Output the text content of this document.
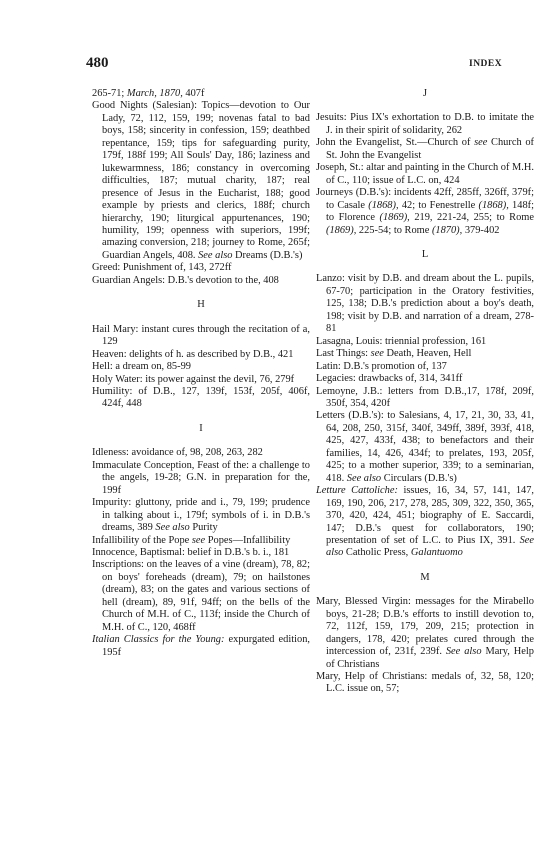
480	INDEX

265-71; March, 1870, 407f

Good Nights (Salesian): Topics—devotion to Our Lady, 72, 112, 159, 199; novenas fatal to bad boys, 158; sincerity in confession, 159; deathbed repentance, 159; tips for safeguarding purity, 179f, 188f 199; All Souls' Day, 186; laziness and lukewarmness, 186; constancy in overcoming difficulties, 187; mutual charity, 187; real presence of Jesus in the Eucharist, 188; good example by priests and clerics, 188f; church hierarchy, 190; liturgical appurtenances, 190; humility, 199; openness with superiors, 199f; amazing conversion, 218; journey to Rome, 265f; Guardian Angels, 408. See also Dreams (D.B.'s)

Greed: Punishment of, 143, 272ff

Guardian Angels: D.B.'s devotion to the, 408

H

Hail Mary: instant cures through the recitation of a, 129

Heaven: delights of h. as described by D.B., 421

Hell: a dream on, 85-99

Holy Water: its power against the devil, 76, 279f

Humility: of D.B., 127, 139f, 153f, 205f, 406f, 424f, 448

I

Idleness: avoidance of, 98, 208, 263, 282

Immaculate Conception, Feast of the: a challenge to the angels, 19-28; G.N. in preparation for the, 199f

Impurity: gluttony, pride and i., 79, 199; prudence in talking about i., 179f; symbols of i. in D.B.'s dreams, 389 See also Purity

Infallibility of the Pope see Popes—Infallibility

Innocence, Baptismal: belief in D.B.'s b. i., 181

Inscriptions: on the leaves of a vine (dream), 78, 82; on boys' foreheads (dream), 79; on hailstones (dream), 83; on the gates and various sections of hell (dream), 89, 91f, 94ff; on the bells of the Church of M.H. of C., 113f; inside the Church of M.H. of C., 120, 468ff

Italian Classics for the Young: expurgated edition, 195f

J

Jesuits: Pius IX's exhortation to D.B. to imitate the J. in their spirit of solidarity, 262

John the Evangelist, St.—Church of see Church of St. John the Evangelist

Joseph, St.: altar and painting in the Church of M.H. of C., 110; issue of L.C. on, 424

Journeys (D.B.'s): incidents 42ff, 285ff, 326ff, 379f; to Casale (1868), 42; to Fenestrelle (1868), 148f; to Florence (1869), 219, 221-24, 255; to Rome (1869), 225-54; to Rome (1870), 379-402

L

Lanzo: visit by D.B. and dream about the L. pupils, 67-70; participation in the Oratory festivities, 125, 138; D.B.'s prediction about a boy's death, 198; visit by D.B. and narration of a dream, 278-81

Lasagna, Louis: triennial profession, 161

Last Things: see Death, Heaven, Hell

Latin: D.B.'s promotion of, 137

Legacies: drawbacks of, 314, 341ff

Lemoyne, J.B.: letters from D.B.,17, 178f, 209f, 350f, 354, 420f

Letters (D.B.'s): to Salesians, 4, 17, 21, 30, 33, 41, 64, 208, 250, 315f, 340f, 349ff, 389f, 393f, 418, 425, 427, 433f, 438; to benefactors and their families, 14, 426, 434f; to prelates, 193, 205f, 425; to a mother superior, 339; to a seminarian, 418. See also Circulars (D.B.'s)

Letture Cattoliche: issues, 16, 34, 57, 141, 147, 169, 190, 206, 217, 278, 285, 309, 322, 350, 365, 370, 420, 424, 451; biography of E. Saccardi, 147; D.B.'s quest for collaborators, 190; presentation of set of L.C. to Pius IX, 391. See also Catholic Press, Galantuomo

M

Mary, Blessed Virgin: messages for the Mirabello boys, 21-28; D.B.'s efforts to instill devotion to, 72, 112f, 159, 179, 209, 215; protection in dangers, 178, 420; prelates cured through the intercession of, 231f, 239f. See also Mary, Help of Christians

Mary, Help of Christians: medals of, 32, 58, 120; L.C. issue on, 57;
